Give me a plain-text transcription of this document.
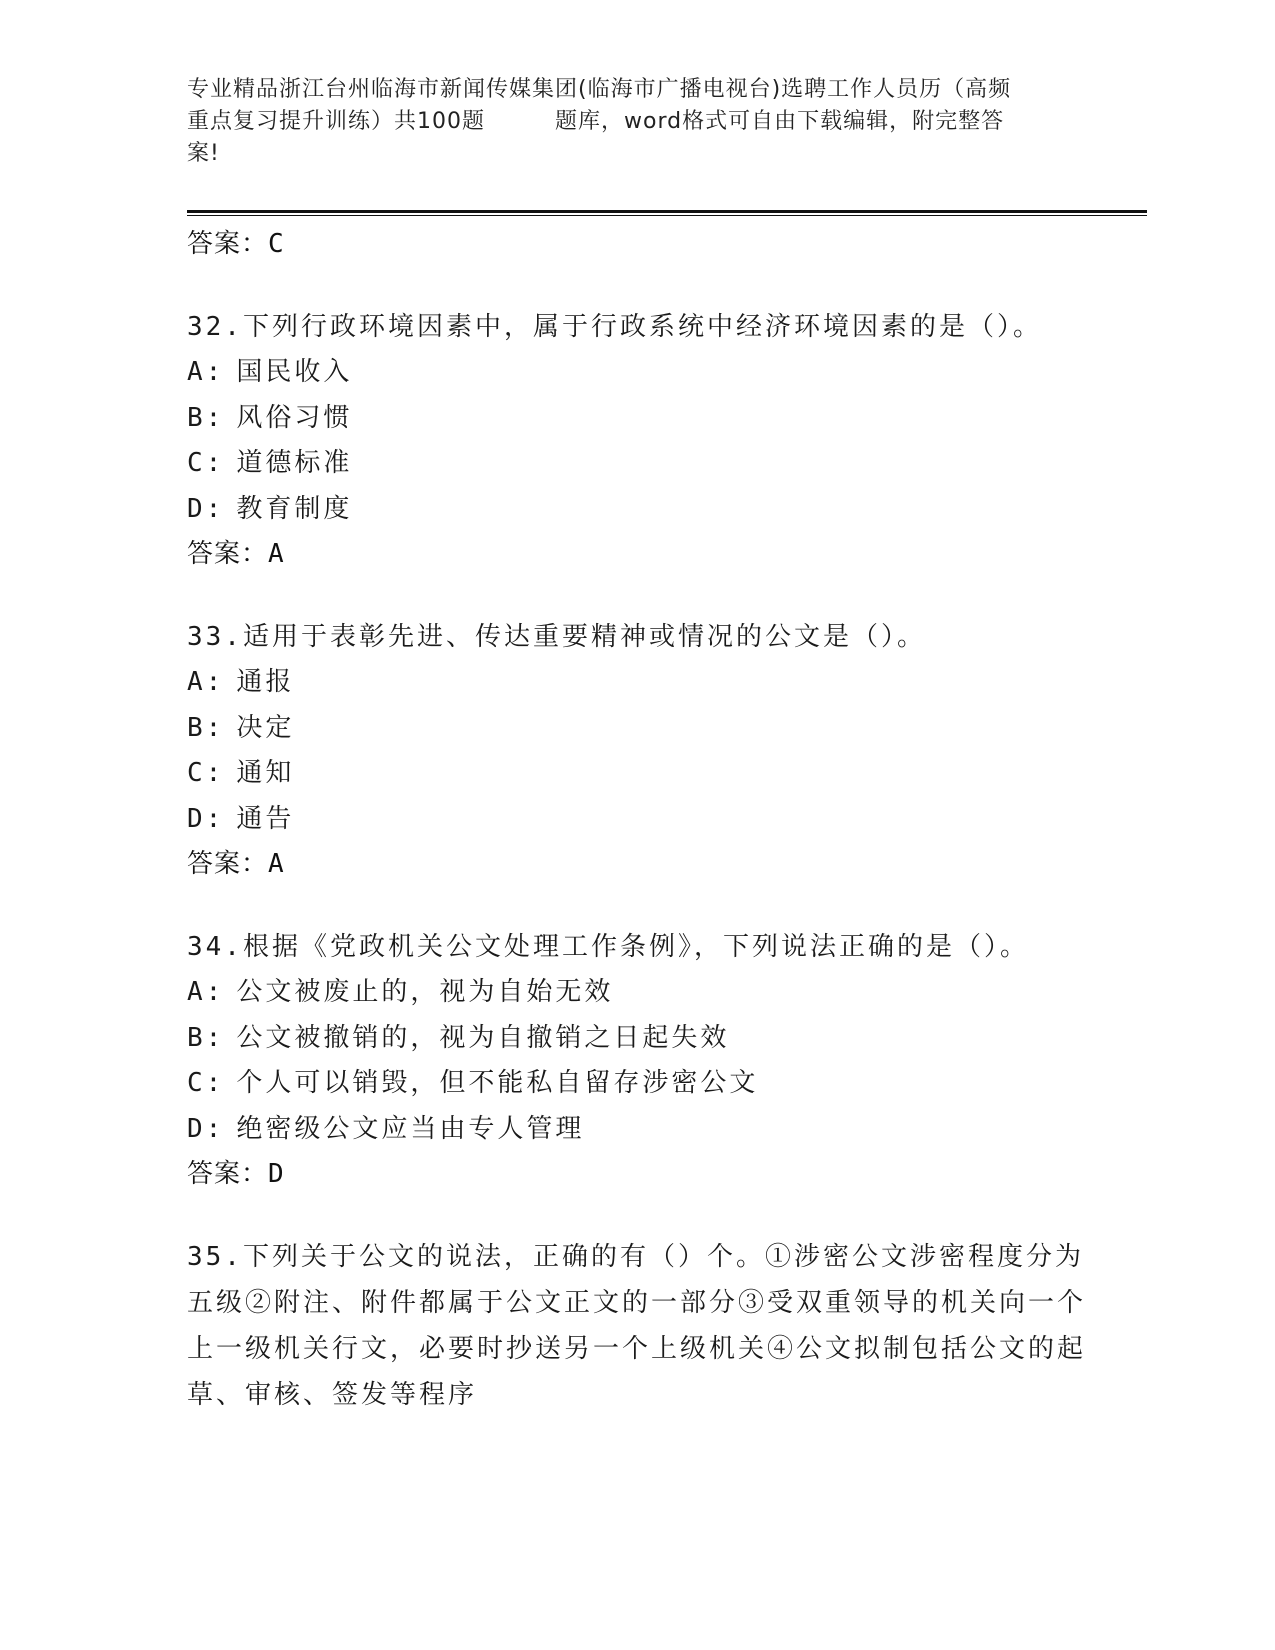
专业精品浙江台州临海市新闻传媒集团(临海市广播电视台)选聘工作人员历（高频
重点复习提升训练）共100题	题库，word格式可自由下载编辑，附完整答
案!
答案：C
32.下列行政环境因素中，属于行政系统中经济环境因素的是（）。
A: 国民收入
B: 风俗习惯
C: 道德标准
D: 教育制度
答案：A
33.适用于表彰先进、传达重要精神或情况的公文是（）。
A: 通报
B: 决定
C: 通知
D: 通告
答案：A
34.根据《党政机关公文处理工作条例》，下列说法正确的是（）。
A: 公文被废止的，视为自始无效
B: 公文被撤销的，视为自撤销之日起失效
C: 个人可以销毁，但不能私自留存涉密公文
D: 绝密级公文应当由专人管理
答案：D
35.下列关于公文的说法，正确的有（）个。①涉密公文涉密程度分为五级②附注、附件都属于公文正文的一部分③受双重领导的机关向一个上一级机关行文，必要时抄送另一个上级机关④公文拟制包括公文的起草、审核、签发等程序
